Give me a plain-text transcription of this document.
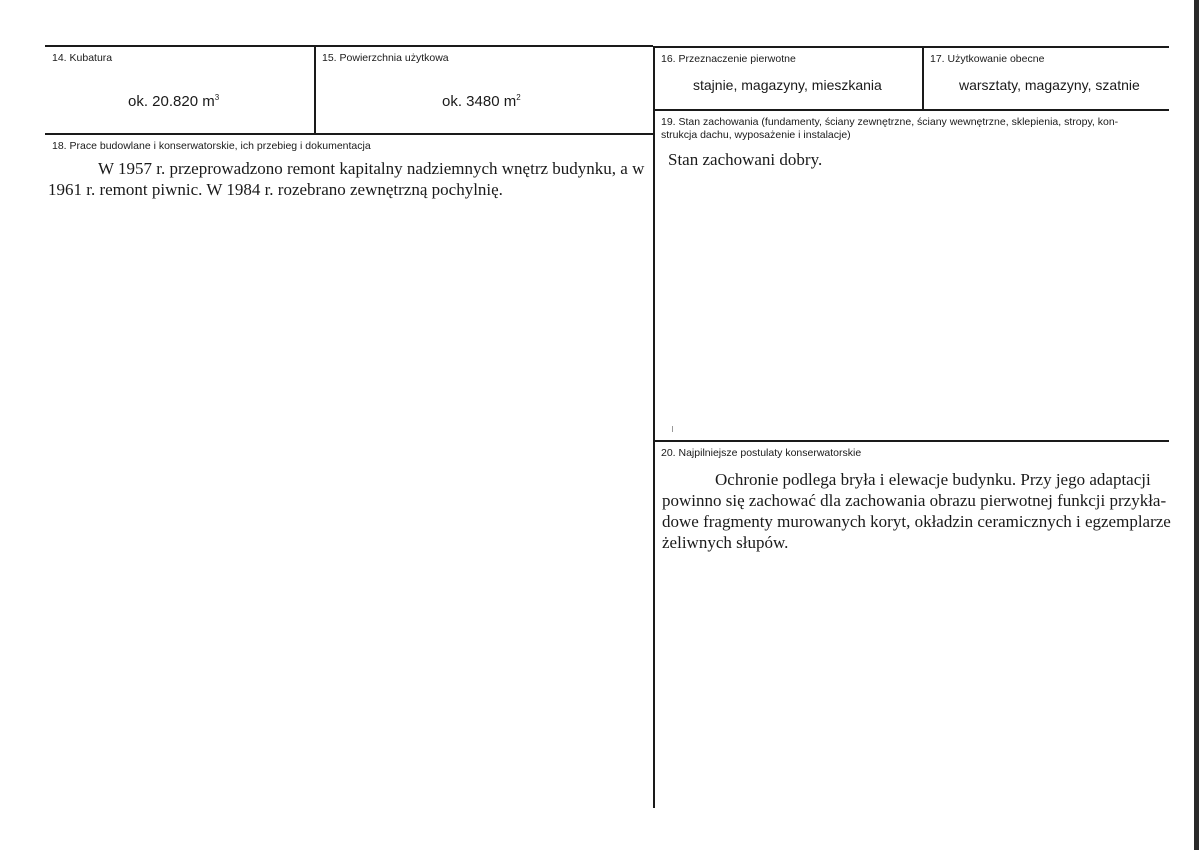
14. Kubatura
ok. 20.820 $m^3$
15. Powierzchnia użytkowa
ok. 3480 $m^2$
16. Przeznaczenie pierwotne
stajnie, magazyny, mieszkania
17. Użytkowanie obecne
warsztaty, magazyny, szatnie
18. Prace budowlane i konserwatorskie, ich przebieg i dokumentacja
W 1957 r. przeprowadzono remont kapitalny nadziemnych wnętrz budynku, a w
1961 r. remont piwnic. W 1984 r. rozebrano zewnętrzną pochylnię.
19. Stan zachowania (fundamenty, ściany zewnętrzne, ściany wewnętrzne, sklepienia, stropy, kon-
strukcja dachu, wyposażenie i instalacje)
Stan zachowani dobry.
20. Najpilniejsze postulaty konserwatorskie
Ochronie podlega bryła i elewacje budynku. Przy jego adaptacji
powinno się zachować dla zachowania obrazu pierwotnej funkcji przykła-
dowe fragmenty murowanych koryt, okładzin ceramicznych i egzemplarze
żeliwnych słupów.
